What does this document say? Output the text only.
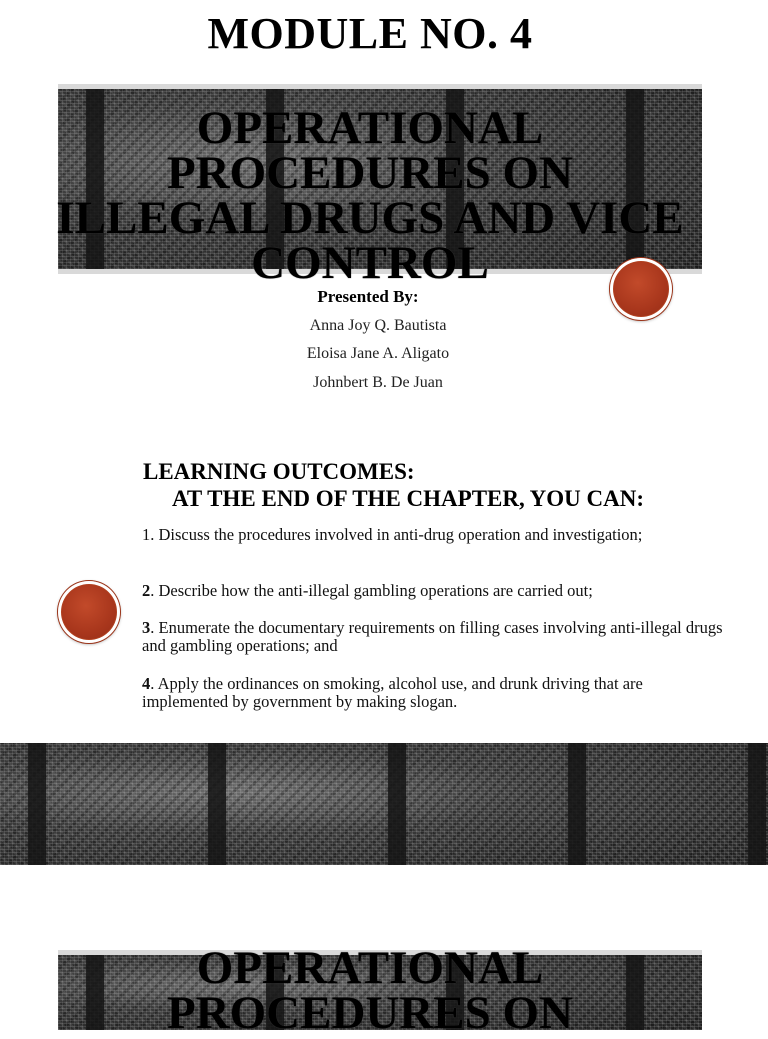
MODULE NO. 4
OPERATIONAL
PROCEDURES ON
ILLEGAL DRUGS AND VICE
CONTROL
Presented By:
Anna Joy Q. Bautista
Eloisa Jane A. Aligato
Johnbert B. De Juan
LEARNING OUTCOMES:
AT THE END OF THE CHAPTER, YOU CAN:
1. Discuss the procedures involved in anti-drug operation and investigation;
2. Describe how the anti-illegal gambling operations are carried out;
3. Enumerate the documentary requirements on filling cases involving anti-illegal drugs and gambling operations; and
4. Apply the ordinances on smoking, alcohol use, and drunk driving that are implemented by government by making slogan.
OPERATIONAL
PROCEDURES ON
